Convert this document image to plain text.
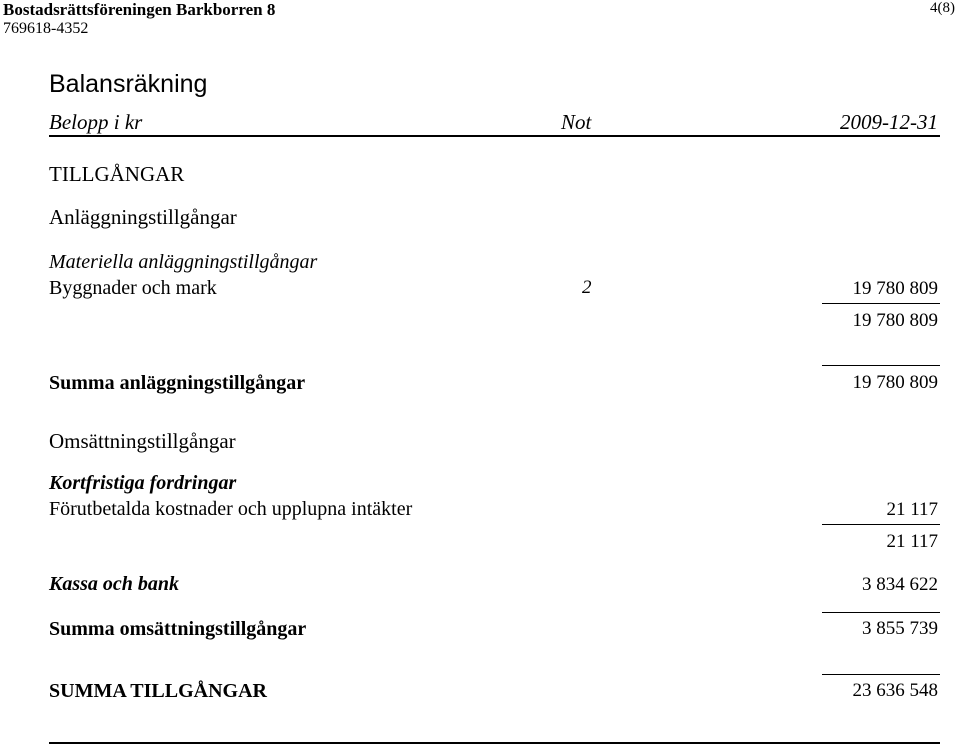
Bostadsrättsföreningen Barkborren 8
769618-4352
4(8)
Balansräkning
Belopp i kr	Not	2009-12-31
TILLGÅNGAR
Anläggningstillgångar
Materiella anläggningstillgångar
Byggnader och mark	2	19 780 809
19 780 809
Summa anläggningstillgångar	19 780 809
Omsättningstillgångar
Kortfristiga fordringar
Förutbetalda kostnader och upplupna intäkter	21 117
21 117
Kassa och bank	3 834 622
Summa omsättningstillgångar	3 855 739
SUMMA TILLGÅNGAR	23 636 548
